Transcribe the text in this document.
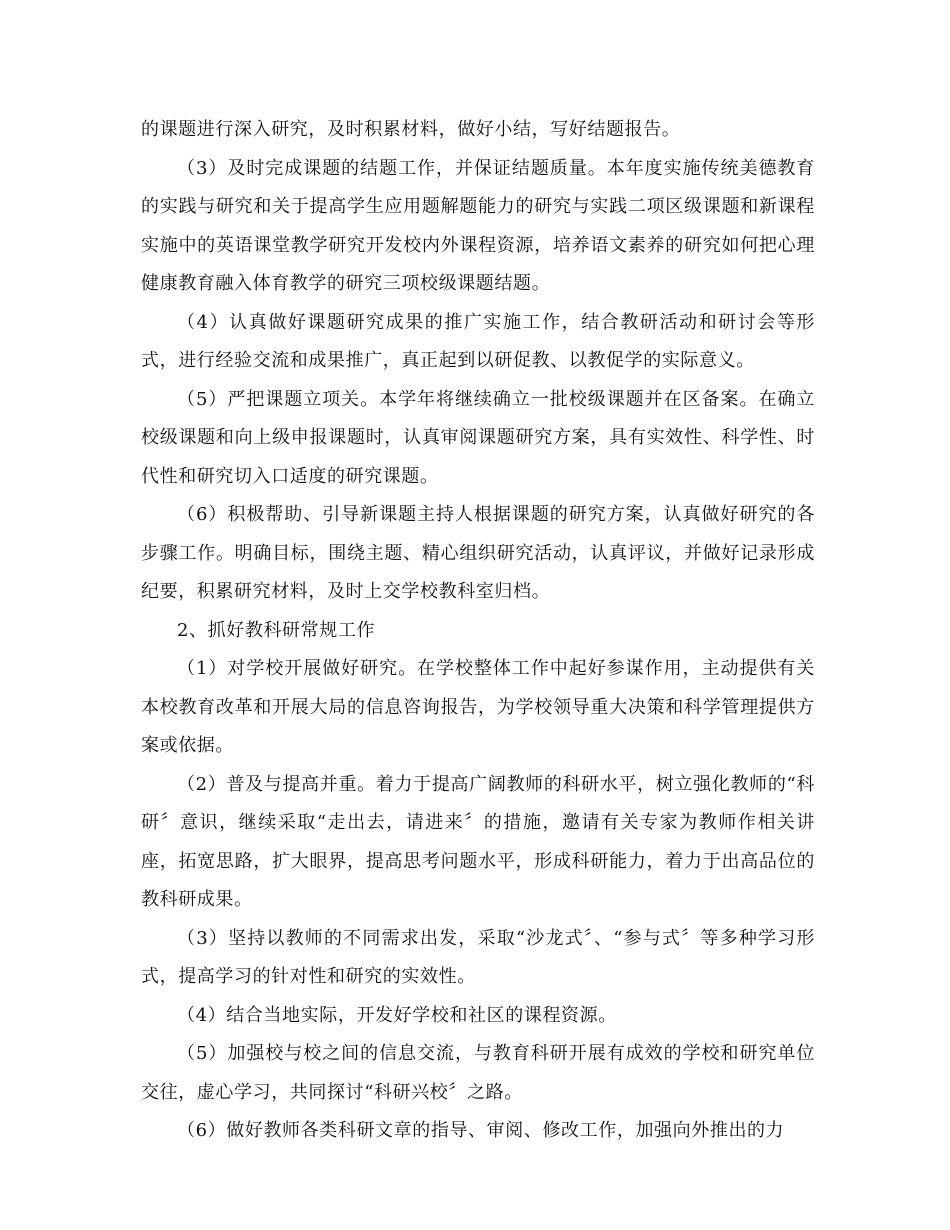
的课题进行深入研究，及时积累材料，做好小结，写好结题报告。

（3）及时完成课题的结题工作，并保证结题质量。本年度实施传统美德教育的实践与研究和关于提高学生应用题解题能力的研究与实践二项区级课题和新课程实施中的英语课堂教学研究开发校内外课程资源，培养语文素养的研究如何把心理健康教育融入体育教学的研究三项校级课题结题。

（4）认真做好课题研究成果的推广实施工作，结合教研活动和研讨会等形式，进行经验交流和成果推广，真正起到以研促教、以教促学的实际意义。

（5）严把课题立项关。本学年将继续确立一批校级课题并在区备案。在确立校级课题和向上级申报课题时，认真审阅课题研究方案，具有实效性、科学性、时代性和研究切入口适度的研究课题。

（6）积极帮助、引导新课题主持人根据课题的研究方案，认真做好研究的各步骤工作。明确目标，围绕主题、精心组织研究活动，认真评议，并做好记录形成纪要，积累研究材料，及时上交学校教科室归档。

2、抓好教科研常规工作

（1）对学校开展做好研究。在学校整体工作中起好参谋作用，主动提供有关本校教育改革和开展大局的信息咨询报告，为学校领导重大决策和科学管理提供方案或依据。

（2）普及与提高并重。着力于提高广阔教师的科研水平，树立强化教师的“科研〞意识，继续采取“走出去，请进来〞的措施，邀请有关专家为教师作相关讲座，拓宽思路，扩大眼界，提高思考问题水平，形成科研能力，着力于出高品位的教科研成果。

（3）坚持以教师的不同需求出发，采取“沙龙式〞、“参与式〞等多种学习形式，提高学习的针对性和研究的实效性。

（4）结合当地实际，开发好学校和社区的课程资源。

（5）加强校与校之间的信息交流，与教育科研开展有成效的学校和研究单位交往，虚心学习，共同探讨“科研兴校〞之路。

（6）做好教师各类科研文章的指导、审阅、修改工作，加强向外推出的力
